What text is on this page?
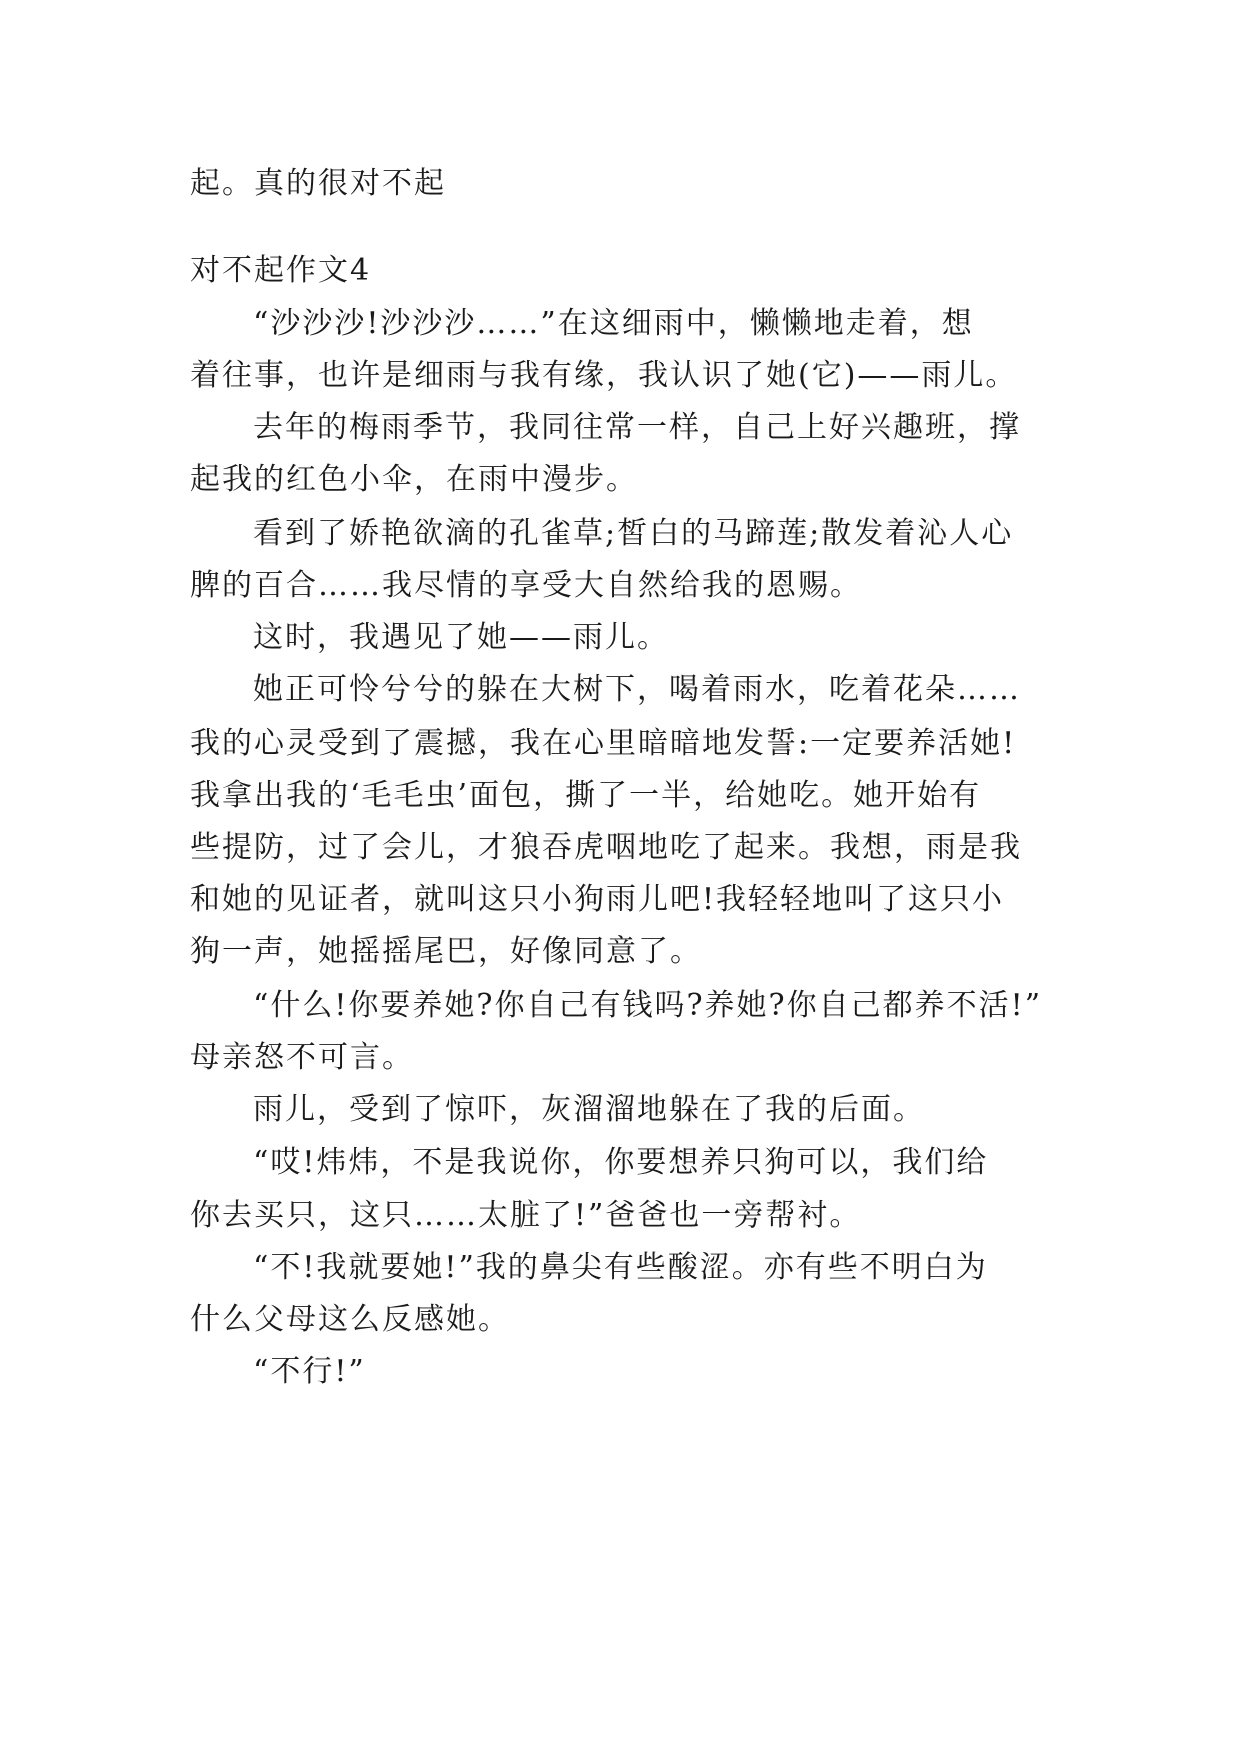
起。真的很对不起
对不起作文4
“沙沙沙!沙沙沙……”在这细雨中，懒懒地走着，想
着往事，也许是细雨与我有缘，我认识了她(它)——雨儿。
去年的梅雨季节，我同往常一样，自己上好兴趣班，撑
起我的红色小伞，在雨中漫步。
看到了娇艳欲滴的孔雀草;皙白的马蹄莲;散发着沁人心
脾的百合……我尽情的享受大自然给我的恩赐。
这时，我遇见了她——雨儿。
她正可怜兮兮的躲在大树下，喝着雨水，吃着花朵……
我的心灵受到了震撼，我在心里暗暗地发誓:一定要养活她!
我拿出我的‘毛毛虫’面包，撕了一半，给她吃。她开始有
些提防，过了会儿，才狼吞虎咽地吃了起来。我想，雨是我
和她的见证者，就叫这只小狗雨儿吧!我轻轻地叫了这只小
狗一声，她摇摇尾巴，好像同意了。
“什么!你要养她?你自己有钱吗?养她?你自己都养不活!”
母亲怒不可言。
雨儿，受到了惊吓，灰溜溜地躲在了我的后面。
“哎!炜炜，不是我说你，你要想养只狗可以，我们给
你去买只，这只……太脏了!”爸爸也一旁帮衬。
“不!我就要她!”我的鼻尖有些酸涩。亦有些不明白为
什么父母这么反感她。
“不行!”
